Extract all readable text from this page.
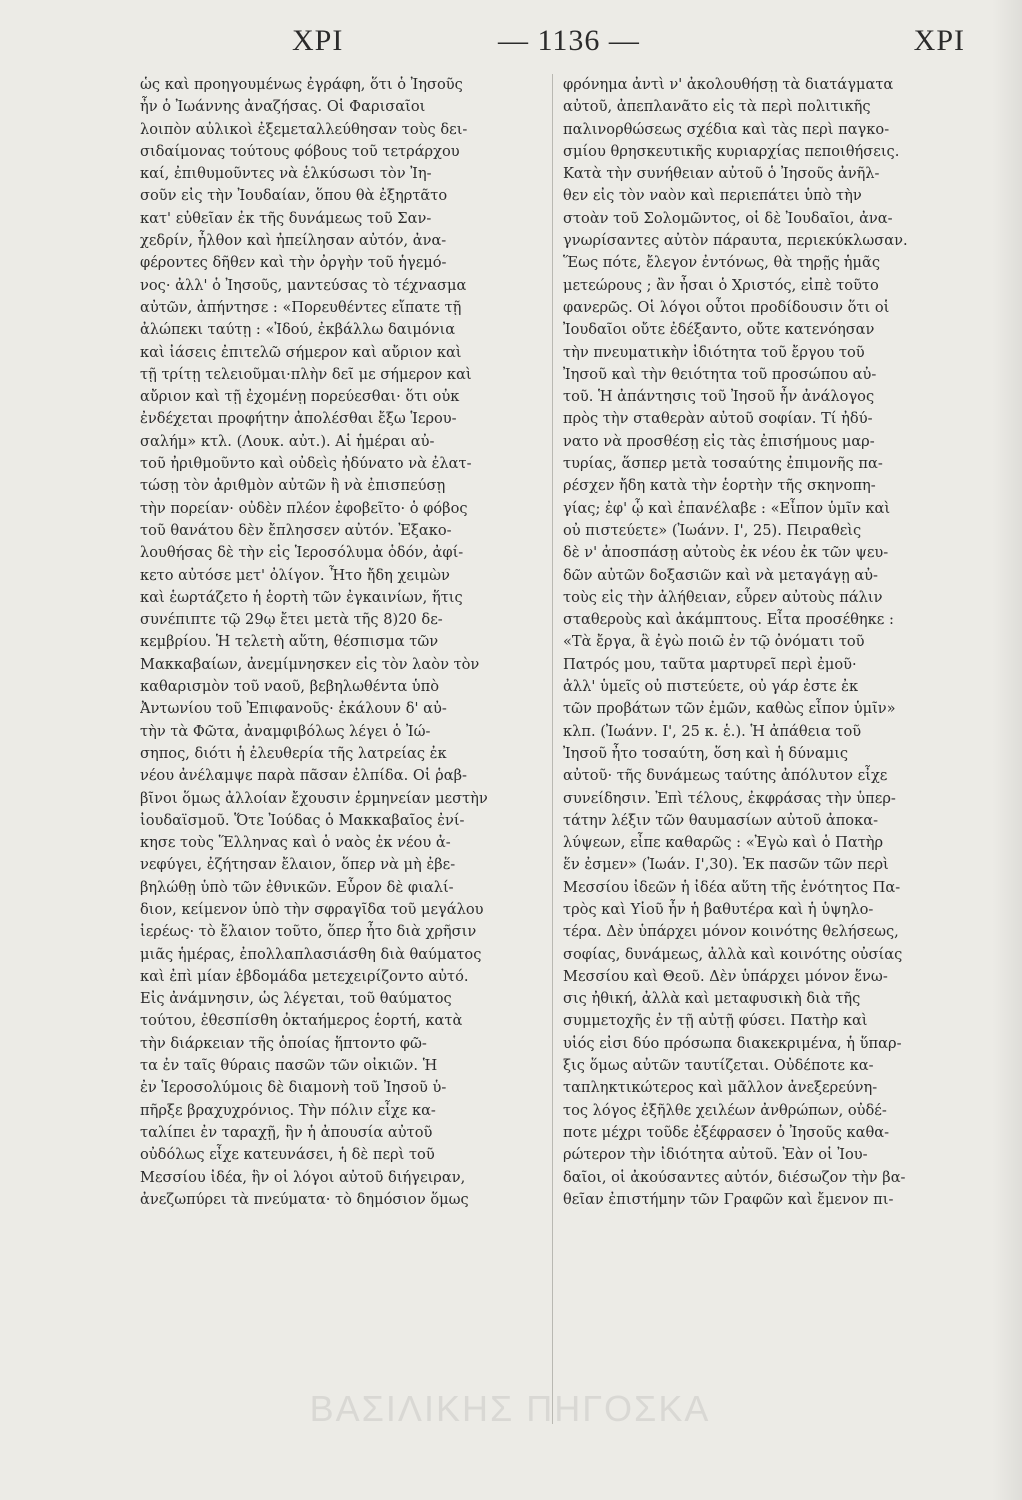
XPI	— 1136 —	XPI
ὡς καὶ προηγουμένως ἐγράφη, ὅτι ὁ Ἰησοῦς
ἦν ὁ Ἰωάννης ἀναζήσας. Οἱ Φαρισαῖοι
λοιπὸν αὐλικοὶ ἐξεμεταλλεύθησαν τοὺς δει-
σιδαίμονας τούτους φόβους τοῦ τετράρχου
καί, ἐπιθυμοῦντες νὰ ἑλκύσωσι τὸν Ἰη-
σοῦν εἰς τὴν Ἰουδαίαν, ὅπου θὰ ἐξηρτᾶτο
κατ' εὐθεῖαν ἐκ τῆς δυνάμεως τοῦ Σαν-
χεδρίν, ἦλθον καὶ ἠπείλησαν αὐτόν, ἀνα-
φέροντες δῆθεν καὶ τὴν ὀργὴν τοῦ ἡγεμό-
νος· ἀλλ' ὁ Ἰησοῦς, μαντεύσας τὸ τέχνασμα
αὐτῶν, ἀπήντησε : «Πορευθέντες εἴπατε τῇ
ἀλώπεκι ταύτῃ : «Ἰδού, ἐκβάλλω δαιμόνια
καὶ ἰάσεις ἐπιτελῶ σήμερον καὶ αὔριον καὶ
τῇ τρίτῃ τελειοῦμαι·πλὴν δεῖ με σήμερον καὶ
αὔριον καὶ τῇ ἐχομένῃ πορεύεσθαι· ὅτι οὐκ
ἐνδέχεται προφήτην ἀπολέσθαι ἔξω Ἱερου-
σαλήμ» κτλ. (Λουκ. αὐτ.). Αἱ ἡμέραι αὐ-
τοῦ ἠριθμοῦντο καὶ οὐδεὶς ἠδύνατο νὰ ἐλατ-
τώσῃ τὸν ἀριθμὸν αὐτῶν ἢ νὰ ἐπισπεύσῃ
τὴν πορείαν· οὐδὲν πλέον ἐφοβεῖτο· ὁ φόβος
τοῦ θανάτου δὲν ἔπλησσεν αὐτόν. Ἐξακο-
λουθήσας δὲ τὴν εἰς Ἱεροσόλυμα ὁδόν, ἀφί-
κετο αὐτόσε μετ' ὀλίγον. Ἦτο ἤδη χειμὼν
καὶ ἑωρτάζετο ἡ ἑορτὴ τῶν ἐγκαινίων, ἥτις
συνέπιπτε τῷ 29ῳ ἔτει μετὰ τῆς 8)20 δε-
κεμβρίου. Ἡ τελετὴ αὕτη, θέσπισμα τῶν
Μακκαβαίων, ἀνεμίμνησκεν εἰς τὸν λαὸν τὸν
καθαρισμὸν τοῦ ναοῦ, βεβηλωθέντα ὑπὸ
Ἀντωνίου τοῦ Ἐπιφανοῦς· ἐκάλουν δ' αὐ-
τὴν τὰ Φῶτα, ἀναμφιβόλως λέγει ὁ Ἰώ-
σηπος, διότι ἡ ἐλευθερία τῆς λατρείας ἐκ
νέου ἀνέλαμψε παρὰ πᾶσαν ἐλπίδα. Οἱ ῥαβ-
βῖνοι ὅμως ἀλλοίαν ἔχουσιν ἑρμηνείαν μεστὴν
ἰουδαϊσμοῦ. Ὅτε Ἰούδας ὁ Μακκαβαῖος ἐνί-
κησε τοὺς Ἕλληνας καὶ ὁ ναὸς ἐκ νέου ἀ-
νεφύγει, ἐζήτησαν ἔλαιον, ὅπερ νὰ μὴ ἐβε-
βηλώθῃ ὑπὸ τῶν ἐθνικῶν. Εὗρον δὲ φιαλί-
διον, κείμενον ὑπὸ τὴν σφραγῖδα τοῦ μεγάλου
ἱερέως· τὸ ἔλαιον τοῦτο, ὅπερ ἦτο διὰ χρῆσιν
μιᾶς ἡμέρας, ἐπολλαπλασιάσθη διὰ θαύματος
καὶ ἐπὶ μίαν ἑβδομάδα μετεχειρίζοντο αὐτό.
Εἰς ἀνάμνησιν, ὡς λέγεται, τοῦ θαύματος
τούτου, ἐθεσπίσθη ὀκταήμερος ἑορτή, κατὰ
τὴν διάρκειαν τῆς ὁποίας ἥπτοντο φῶ-
τα ἐν ταῖς θύραις πασῶν τῶν οἰκιῶν. Ἡ
ἐν Ἱεροσολύμοις δὲ διαμονὴ τοῦ Ἰησοῦ ὑ-
πῆρξε βραχυχρόνιος. Τὴν πόλιν εἶχε κα-
ταλίπει ἐν ταραχῇ, ἣν ἡ ἀπουσία αὐτοῦ
οὐδόλως εἶχε κατευνάσει, ἡ δὲ περὶ τοῦ
Μεσσίου ἰδέα, ἣν οἱ λόγοι αὐτοῦ διήγειραν,
ἀνεζωπύρει τὰ πνεύματα· τὸ δημόσιον ὅμως
φρόνημα ἀντὶ ν' ἀκολουθήσῃ τὰ διατάγματα
αὐτοῦ, ἀπεπλανᾶτο εἰς τὰ περὶ πολιτικῆς
παλινορθώσεως σχέδια καὶ τὰς περὶ παγκο-
σμίου θρησκευτικῆς κυριαρχίας πεποιθήσεις.
Κατὰ τὴν συνήθειαν αὐτοῦ ὁ Ἰησοῦς ἀνῆλ-
θεν εἰς τὸν ναὸν καὶ περιεπάτει ὑπὸ τὴν
στοὰν τοῦ Σολομῶντος, οἱ δὲ Ἰουδαῖοι, ἀνα-
γνωρίσαντες αὐτὸν πάραυτα, περιεκύκλωσαν.
Ἕως πότε, ἔλεγον ἐντόνως, θὰ τηρῇς ἡμᾶς
μετεώρους ; ἂν ἦσαι ὁ Χριστός, εἰπὲ τοῦτο
φανερῶς. Οἱ λόγοι οὗτοι προδίδουσιν ὅτι οἱ
Ἰουδαῖοι οὔτε ἐδέξαντο, οὔτε κατενόησαν
τὴν πνευματικὴν ἰδιότητα τοῦ ἔργου τοῦ
Ἰησοῦ καὶ τὴν θειότητα τοῦ προσώπου αὐ-
τοῦ. Ἡ ἀπάντησις τοῦ Ἰησοῦ ἦν ἀνάλογος
πρὸς τὴν σταθερὰν αὐτοῦ σοφίαν. Τί ἠδύ-
νατο νὰ προσθέσῃ εἰς τὰς ἐπισήμους μαρ-
τυρίας, ἅσπερ μετὰ τοσαύτης ἐπιμονῆς πα-
ρέσχεν ἤδη κατὰ τὴν ἑορτὴν τῆς σκηνοπη-
γίας; ἐφ' ᾧ καὶ ἐπανέλαβε : «Εἶπον ὑμῖν καὶ
οὐ πιστεύετε» (Ἰωάνν. Ι', 25). Πειραθεὶς
δὲ ν' ἀποσπάσῃ αὐτοὺς ἐκ νέου ἐκ τῶν ψευ-
δῶν αὐτῶν δοξασιῶν καὶ νὰ μεταγάγῃ αὐ-
τοὺς εἰς τὴν ἀλήθειαν, εὗρεν αὐτοὺς πάλιν
σταθεροὺς καὶ ἀκάμπτους. Εἶτα προσέθηκε :
«Τὰ ἔργα, ἃ ἐγὼ ποιῶ ἐν τῷ ὀνόματι τοῦ
Πατρός μου, ταῦτα μαρτυρεῖ περὶ ἐμοῦ·
ἀλλ' ὑμεῖς οὐ πιστεύετε, οὐ γάρ ἐστε ἐκ
τῶν προβάτων τῶν ἐμῶν, καθὼς εἶπον ὑμῖν»
κλπ. (Ἰωάνν. Ι', 25 κ. ἑ.). Ἡ ἀπάθεια τοῦ
Ἰησοῦ ἦτο τοσαύτη, ὅση καὶ ἡ δύναμις
αὐτοῦ· τῆς δυνάμεως ταύτης ἀπόλυτον εἶχε
συνείδησιν. Ἐπὶ τέλους, ἐκφράσας τὴν ὑπερ-
τάτην λέξιν τῶν θαυμασίων αὐτοῦ ἀποκα-
λύψεων, εἶπε καθαρῶς : «Ἐγὼ καὶ ὁ Πατὴρ
ἕν ἐσμεν» (Ἰωάν. Ι',30). Ἐκ πασῶν τῶν περὶ
Μεσσίου ἰδεῶν ἡ ἰδέα αὕτη τῆς ἑνότητος Πα-
τρὸς καὶ Υἱοῦ ἦν ἡ βαθυτέρα καὶ ἡ ὑψηλο-
τέρα. Δὲν ὑπάρχει μόνον κοινότης θελήσεως,
σοφίας, δυνάμεως, ἀλλὰ καὶ κοινότης οὐσίας
Μεσσίου καὶ Θεοῦ. Δὲν ὑπάρχει μόνον ἕνω-
σις ἠθική, ἀλλὰ καὶ μεταφυσικὴ διὰ τῆς
συμμετοχῆς ἐν τῇ αὐτῇ φύσει. Πατὴρ καὶ
υἱός εἰσι δύο πρόσωπα διακεκριμένα, ἡ ὕπαρ-
ξις ὅμως αὐτῶν ταυτίζεται. Οὐδέποτε κα-
ταπληκτικώτερος καὶ μᾶλλον ἀνεξερεύνη-
τος λόγος ἐξῆλθε χειλέων ἀνθρώπων, οὐδέ-
ποτε μέχρι τοῦδε ἐξέφρασεν ὁ Ἰησοῦς καθα-
ρώτερον τὴν ἰδιότητα αὐτοῦ. Ἐὰν οἱ Ἰου-
δαῖοι, οἱ ἀκούσαντες αὐτόν, διέσωζον τὴν βα-
θεῖαν ἐπιστήμην τῶν Γραφῶν καὶ ἔμενον πι-
ΒΑΣΙΛΙΚΗΣ ΠΗΓΟΣΚΑ
